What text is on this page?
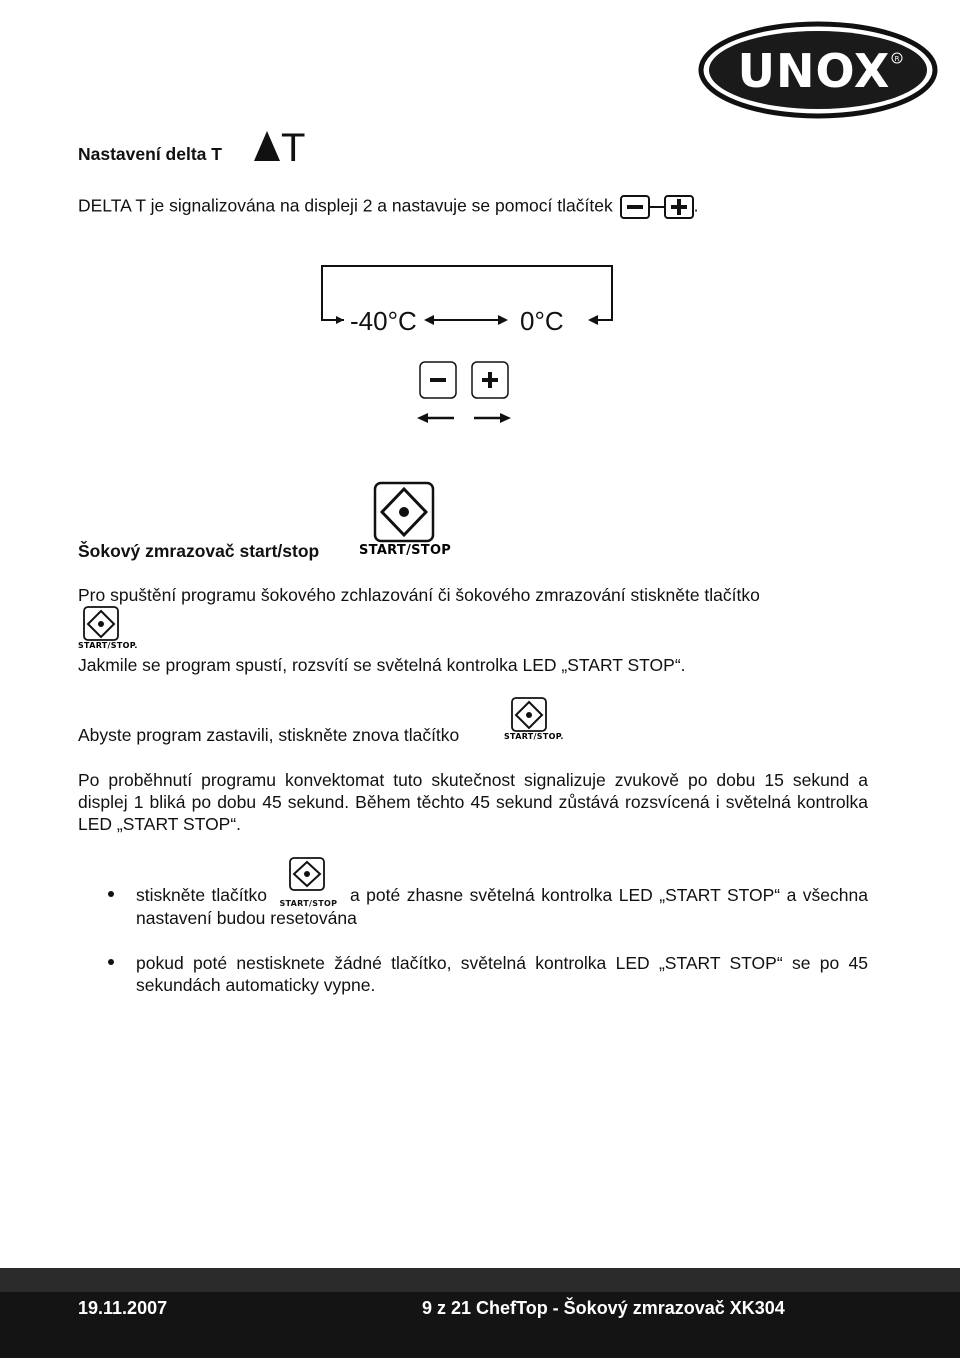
UNOX R
Nastavení delta T T
DELTA T je signalizována na displeji 2 a nastavuje se pomocí tlačítek	.
-40°C	0°C
Šokový zmrazovač start/stop	START/STOP
Pro spuštění programu šokového zchlazování či šokového zmrazování stiskněte tlačítko
START/STOP.
Jakmile se program spustí, rozsvítí se světelná kontrolka LED „START STOP“.
Abyste program zastavili, stiskněte znova tlačítko	START/STOP.
Po proběhnutí programu konvektomat tuto skutečnost signalizuje zvukově po dobu 15 sekund a displej 1 bliká po dobu 45 sekund. Během těchto 45 sekund zůstává rozsvícená i světelná kontrolka LED „START STOP“.
stiskněte tlačítko START/STOP a poté zhasne světelná kontrolka LED „START STOP“ a všechna nastavení budou resetována
pokud poté nestisknete žádné tlačítko, světelná kontrolka LED „START STOP“ se po 45 sekundách automaticky vypne.
19.11.2007	9 z 21 ChefTop - Šokový zmrazovač XK304
